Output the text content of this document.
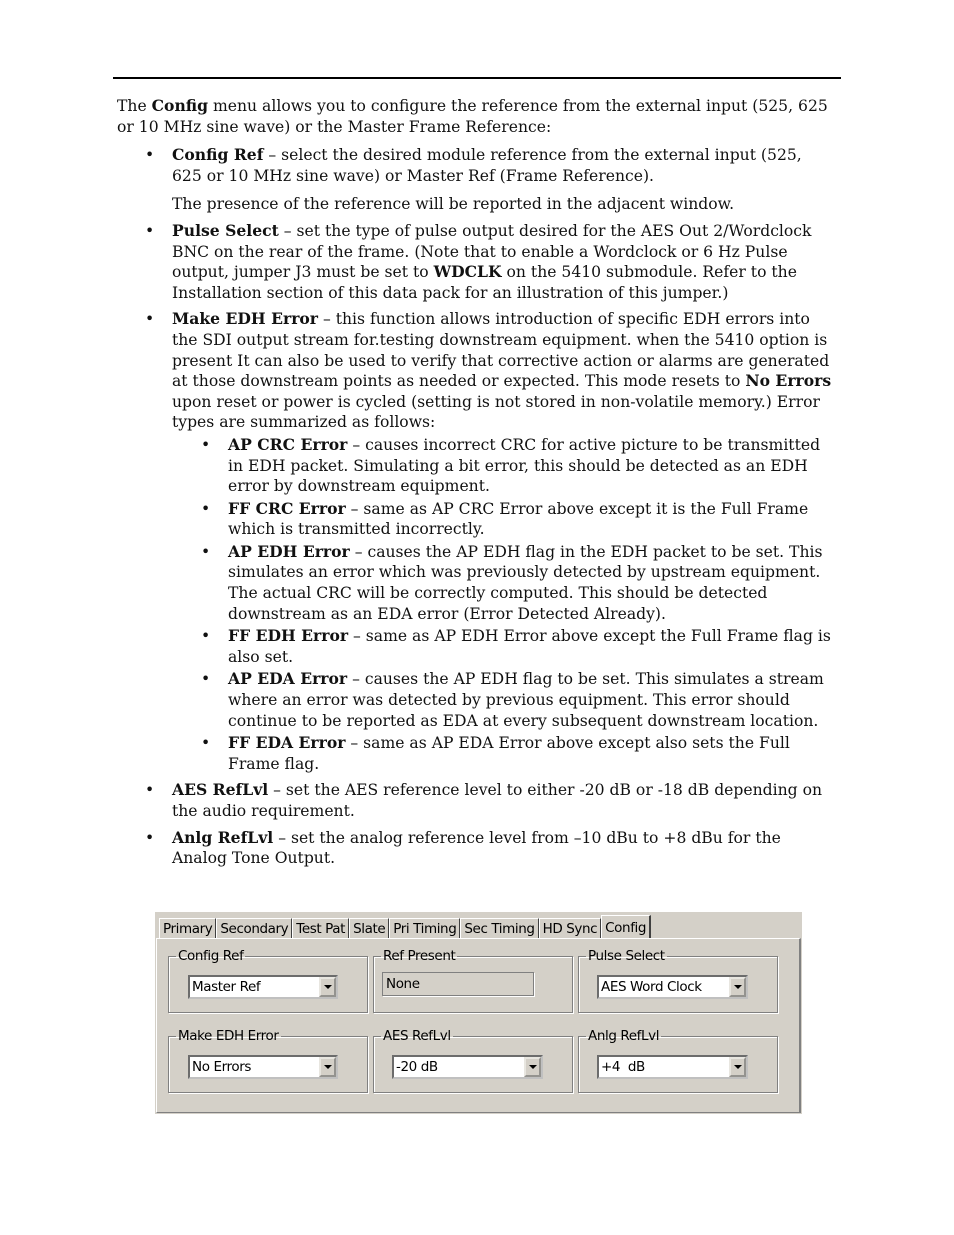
The Config menu allows you to configure the reference from the external input (525, 625 or 10 MHz sine wave) or the Master Frame Reference:

• Config Ref – select the desired module reference from the external input (525, 625 or 10 MHz sine wave) or Master Ref (Frame Reference).

The presence of the reference will be reported in the adjacent window.

• Pulse Select – set the type of pulse output desired for the AES Out 2/Wordclock BNC on the rear of the frame. (Note that to enable a Wordclock or 6 Hz Pulse output, jumper J3 must be set to WDCLK on the 5410 submodule. Refer to the Installation section of this data pack for an illustration of this jumper.)

• Make EDH Error – this function allows introduction of specific EDH errors into the SDI output stream for.testing downstream equipment. when the 5410 option is present It can also be used to verify that corrective action or alarms are generated at those downstream points as needed or expected. This mode resets to No Errors upon reset or power is cycled (setting is not stored in non-volatile memory.) Error types are summarized as follows:

• AP CRC Error – causes incorrect CRC for active picture to be transmitted in EDH packet. Simulating a bit error, this should be detected as an EDH error by downstream equipment.
• FF CRC Error – same as AP CRC Error above except it is the Full Frame which is transmitted incorrectly.
• AP EDH Error – causes the AP EDH flag in the EDH packet to be set. This simulates an error which was previously detected by upstream equipment. The actual CRC will be correctly computed. This should be detected downstream as an EDA error (Error Detected Already).
• FF EDH Error – same as AP EDH Error above except the Full Frame flag is also set.
• AP EDA Error – causes the AP EDH flag to be set. This simulates a stream where an error was detected by previous equipment. This error should continue to be reported as EDA at every subsequent downstream location.
• FF EDA Error – same as AP EDA Error above except also sets the Full Frame flag.
• AES RefLvl – set the AES reference level to either -20 dB or -18 dB depending on the audio requirement.

• Anlg RefLvl – set the analog reference level from –10 dBu to +8 dBu for the Analog Tone Output.

Primary Secondary Test Pat Slate Pri Timing Sec Timing HD Sync Config
Config Ref
Master Ref
Ref Present
None
Pulse Select
AES Word Clock
Make EDH Error
No Errors
AES RefLvl
-20 dB
Anlg RefLvl
+4  dB
